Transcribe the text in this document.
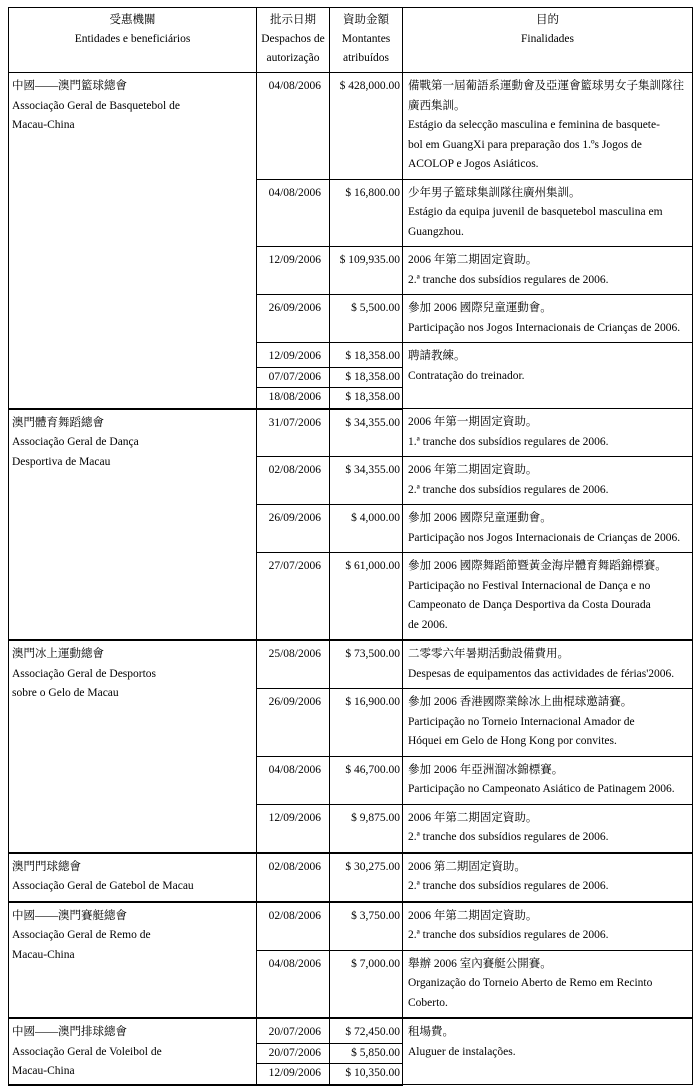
受惠機關
Entidades e beneficiários	批示日期
Despachos de
autorização	資助金額
Montantes
atribuídos	目的
Finalidades

中國——澳門籃球總會
Associação Geral de Basquetebol de
Macau-China	04/08/2006	$ 428,000.00	備戰第一屆葡語系運動會及亞運會籃球男女子集訓隊往
廣西集訓。
Estágio da selecção masculina e feminina de basquete-
bol em GuangXi para preparação dos 1.ºs Jogos de
ACOLOP e Jogos Asiáticos.

	04/08/2006	$ 16,800.00	少年男子籃球集訓隊往廣州集訓。
Estágio da equipa juvenil de basquetebol masculina em
Guangzhou.

	12/09/2006	$ 109,935.00	2006 年第二期固定資助。
2.ª tranche dos subsídios regulares de 2006.

	26/09/2006	$ 5,500.00	參加 2006 國際兒童運動會。
Participação nos Jogos Internacionais de Crianças de 2006.

	12/09/2006	$ 18,358.00	聘請教練。
Contratação do treinador.

	07/07/2006	$ 18,358.00	
	18/08/2006	$ 18,358.00	

澳門體育舞蹈總會
Associação Geral de Dança
Desportiva de Macau	31/07/2006	$ 34,355.00	2006 年第一期固定資助。
1.ª tranche dos subsídios regulares de 2006.

	02/08/2006	$ 34,355.00	2006 年第二期固定資助。
2.ª tranche dos subsídios regulares de 2006.

	26/09/2006	$ 4,000.00	參加 2006 國際兒童運動會。
Participação nos Jogos Internacionais de Crianças de 2006.

	27/07/2006	$ 61,000.00	參加 2006 國際舞蹈節暨黃金海岸體育舞蹈錦標賽。
Participação no Festival Internacional de Dança e no
Campeonato de Dança Desportiva da Costa Dourada
de 2006.

澳門冰上運動總會
Associação Geral de Desportos
sobre o Gelo de Macau	25/08/2006	$ 73,500.00	二零零六年暑期活動設備費用。
Despesas de equipamentos das actividades de férias'2006.

	26/09/2006	$ 16,900.00	參加 2006 香港國際業餘冰上曲棍球邀請賽。
Participação no Torneio Internacional Amador de
Hóquei em Gelo de Hong Kong por convites.

	04/08/2006	$ 46,700.00	參加 2006 年亞洲溜冰錦標賽。
Participação no Campeonato Asiático de Patinagem 2006.

	12/09/2006	$ 9,875.00	2006 年第二期固定資助。
2.ª tranche dos subsídios regulares de 2006.

澳門門球總會
Associação Geral de Gatebol de Macau	02/08/2006	$ 30,275.00	2006 第二期固定資助。
2.ª tranche dos subsídios regulares de 2006.

中國——澳門賽艇總會
Associação Geral de Remo de
Macau-China	02/08/2006	$ 3,750.00	2006 年第二期固定資助。
2.ª tranche dos subsídios regulares de 2006.

	04/08/2006	$ 7,000.00	舉辦 2006 室內賽艇公開賽。
Organização do Torneio Aberto de Remo em Recinto
Coberto.

中國——澳門排球總會
Associação Geral de Voleibol de
Macau-China	20/07/2006	$ 72,450.00	租場費。
Aluguer de instalações.

	20/07/2006	$ 5,850.00	
	12/09/2006	$ 10,350.00	
